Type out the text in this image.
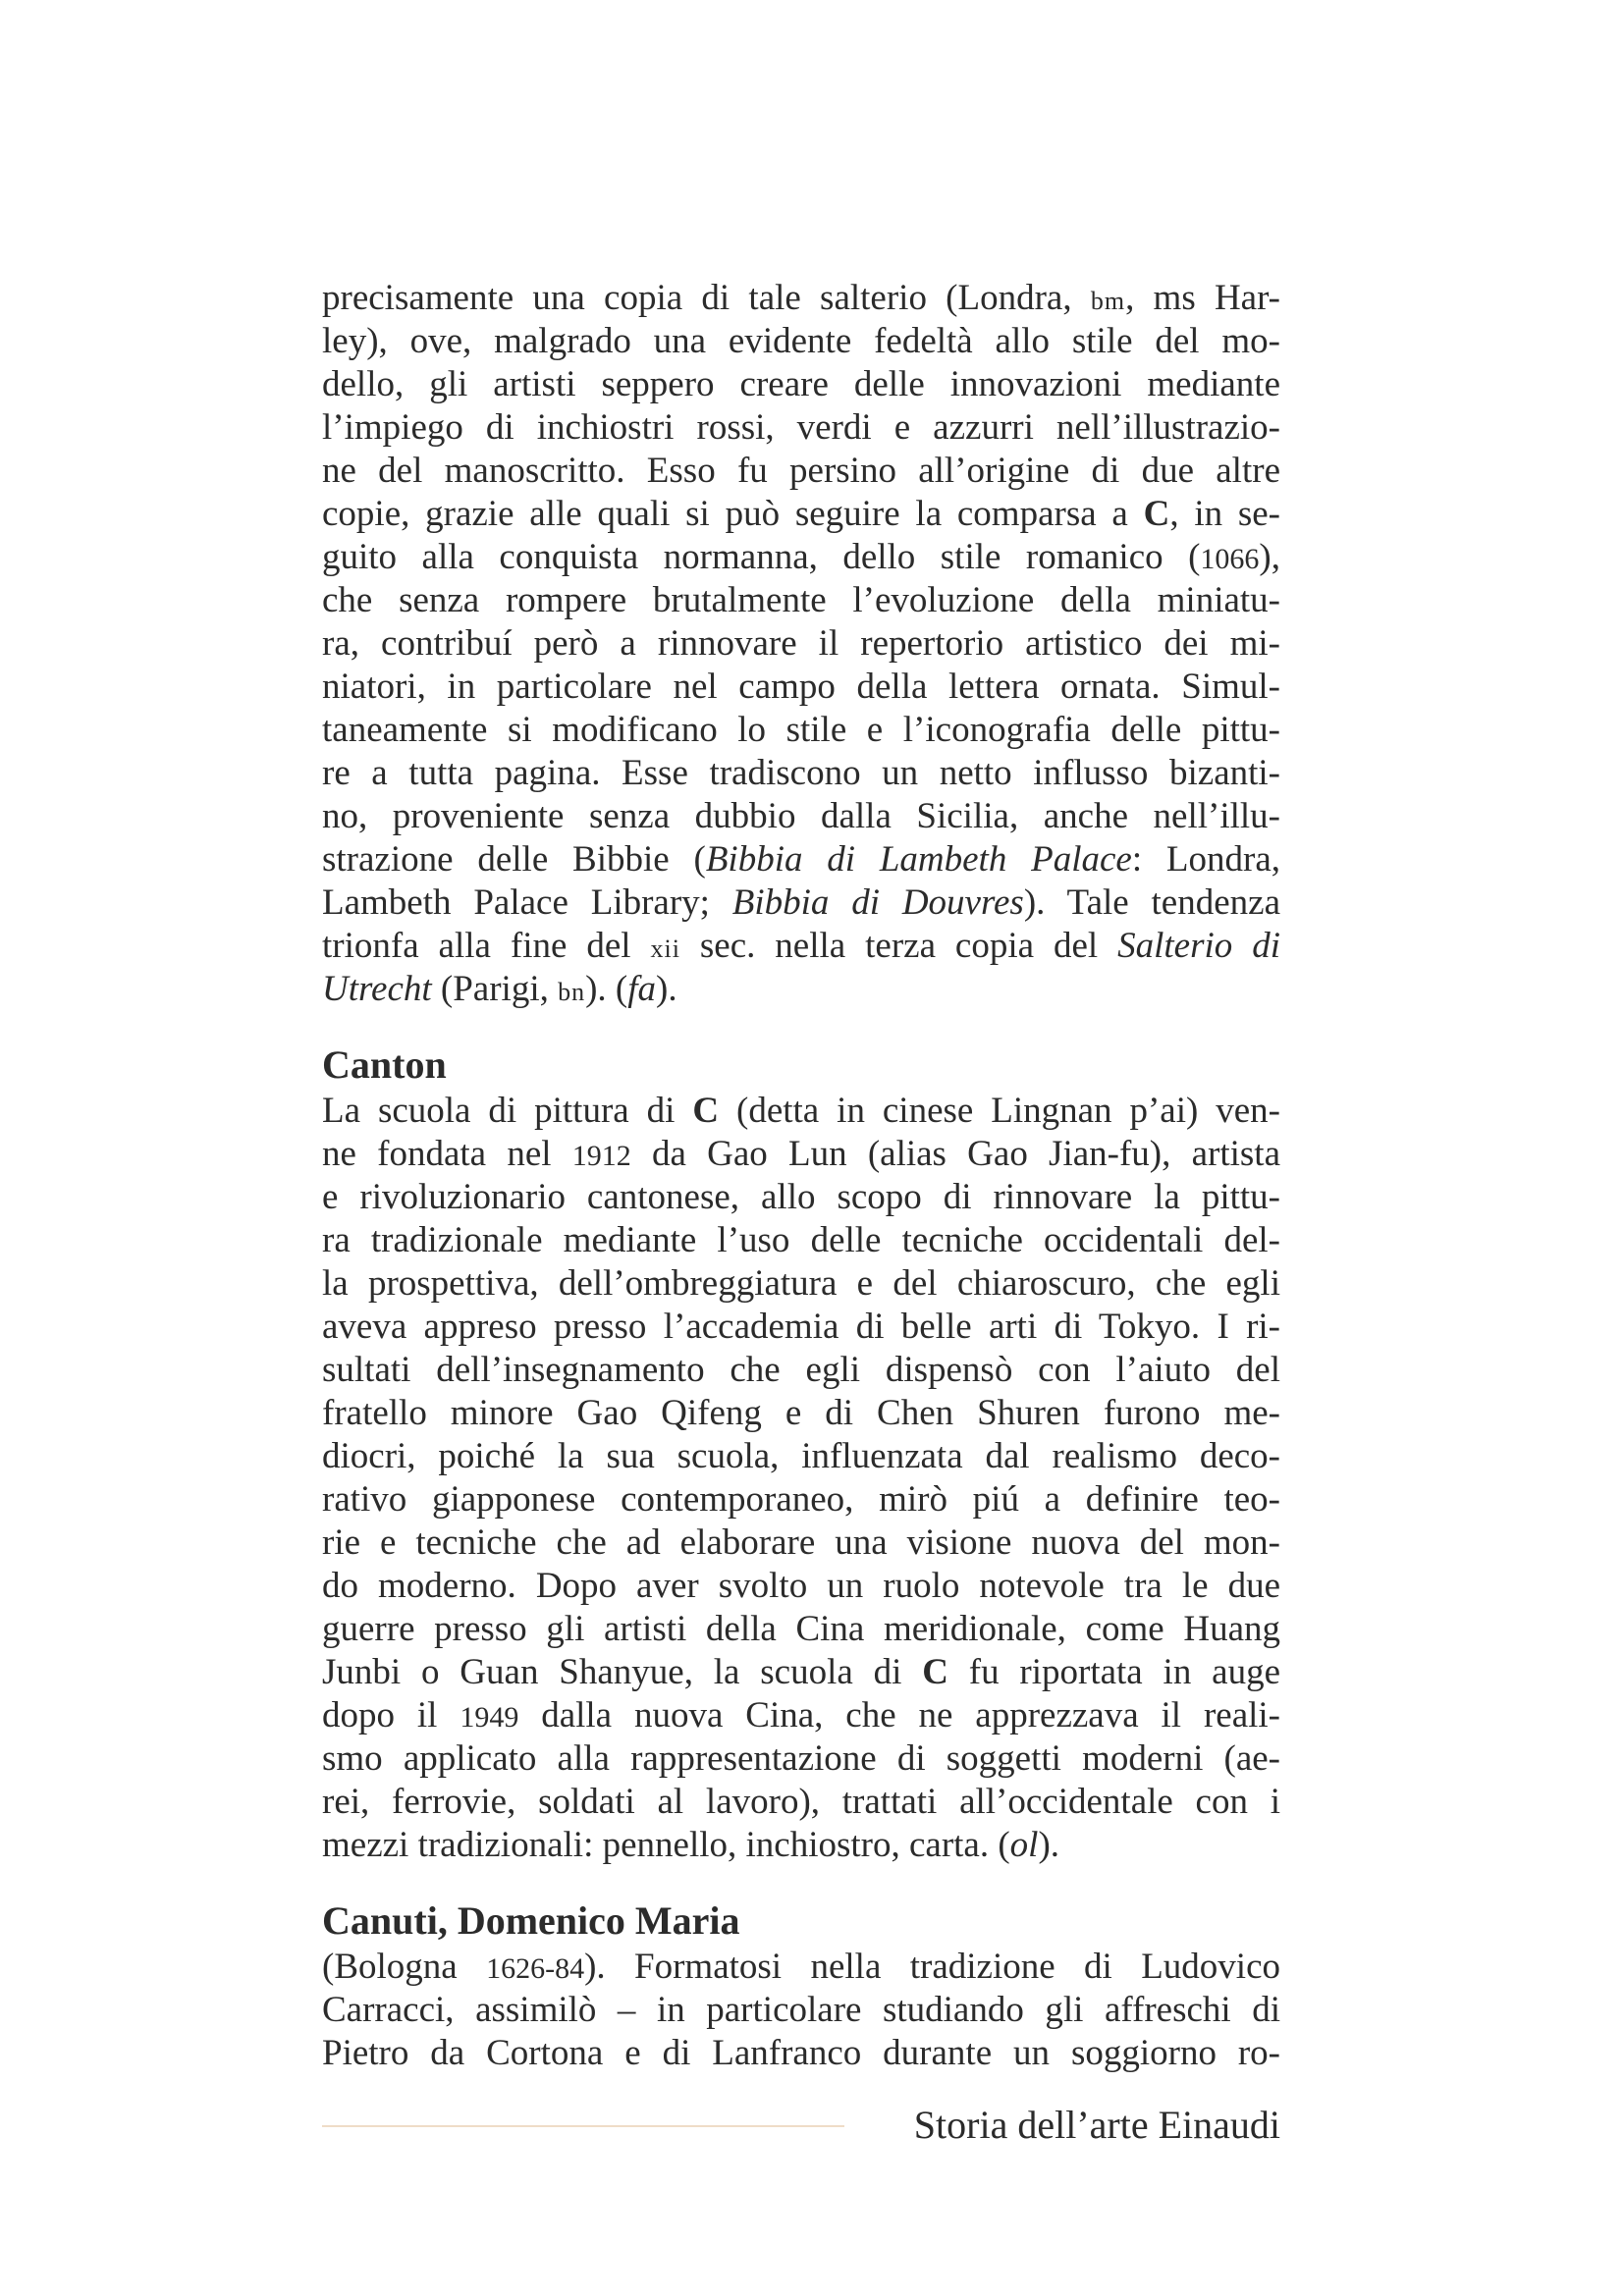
precisamente una copia di tale salterio (Londra, bm, ms Har-
ley), ove, malgrado una evidente fedeltà allo stile del mo-
dello, gli artisti seppero creare delle innovazioni mediante
l’impiego di inchiostri rossi, verdi e azzurri nell’illustrazio-
ne del manoscritto. Esso fu persino all’origine di due altre
copie, grazie alle quali si può seguire la comparsa a C, in se-
guito alla conquista normanna, dello stile romanico (1066),
che senza rompere brutalmente l’evoluzione della miniatu-
ra, contribuí però a rinnovare il repertorio artistico dei mi-
niatori, in particolare nel campo della lettera ornata. Simul-
taneamente si modificano lo stile e l’iconografia delle pittu-
re a tutta pagina. Esse tradiscono un netto influsso bizanti-
no, proveniente senza dubbio dalla Sicilia, anche nell’illu-
strazione delle Bibbie (Bibbia di Lambeth Palace: Londra,
Lambeth Palace Library; Bibbia di Douvres). Tale tendenza
trionfa alla fine del xii sec. nella terza copia del Salterio di
Utrecht (Parigi, bn). (fa).
Canton
La scuola di pittura di C (detta in cinese Lingnan p’ai) ven-
ne fondata nel 1912 da Gao Lun (alias Gao Jian-fu), artista
e rivoluzionario cantonese, allo scopo di rinnovare la pittu-
ra tradizionale mediante l’uso delle tecniche occidentali del-
la prospettiva, dell’ombreggiatura e del chiaroscuro, che egli
aveva appreso presso l’accademia di belle arti di Tokyo. I ri-
sultati dell’insegnamento che egli dispensò con l’aiuto del
fratello minore Gao Qifeng e di Chen Shuren furono me-
diocri, poiché la sua scuola, influenzata dal realismo deco-
rativo giapponese contemporaneo, mirò piú a definire teo-
rie e tecniche che ad elaborare una visione nuova del mon-
do moderno. Dopo aver svolto un ruolo notevole tra le due
guerre presso gli artisti della Cina meridionale, come Huang
Junbi o Guan Shanyue, la scuola di C fu riportata in auge
dopo il 1949 dalla nuova Cina, che ne apprezzava il reali-
smo applicato alla rappresentazione di soggetti moderni (ae-
rei, ferrovie, soldati al lavoro), trattati all’occidentale con i
mezzi tradizionali: pennello, inchiostro, carta. (ol).
Canuti, Domenico Maria
(Bologna 1626-84). Formatosi nella tradizione di Ludovico
Carracci, assimilò – in particolare studiando gli affreschi di
Pietro da Cortona e di Lanfranco durante un soggiorno ro-
Storia dell’arte Einaudi
